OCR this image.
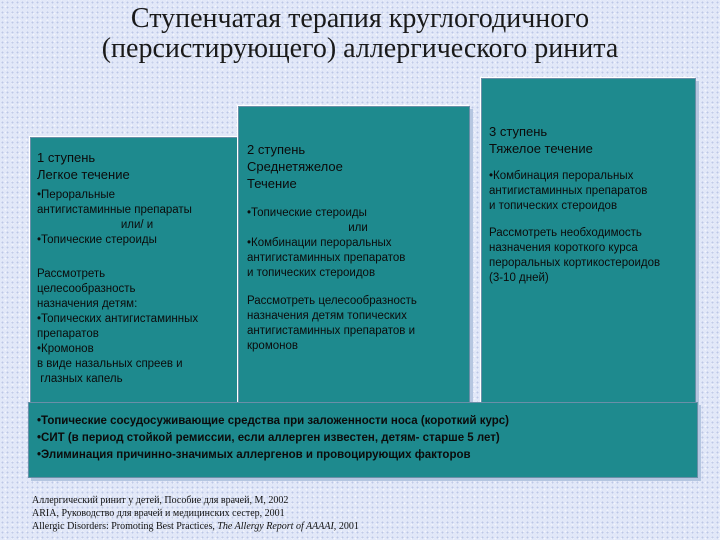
Ступенчатая терапия круглогодичного
(персистирующего) аллергического ринита
1 ступень
Легкое течение
•Пероральные
антигистаминные препараты
или/ и
•Топические стероиды
Рассмотреть
целесообразность
назначения детям:
•Топических антигистаминных
препаратов
•Кромонов
в виде назальных спреев и
глазных капель
2 ступень
Среднетяжелое
Течение
•Топические стероиды
или
•Комбинации пероральных
антигистаминных препаратов
и топических стероидов
Рассмотреть целесообразность
назначения детям топических
антигистаминных препаратов и
кромонов
3 ступень
Тяжелое течение
•Комбинация пероральных
антигистаминных препаратов
и топических стероидов
Рассмотреть необходимость
назначения короткого курса
пероральных кортикостероидов
(3-10 дней)
•Топические сосудосуживающие средства при заложенности носа (короткий курс)
•СИТ (в период стойкой ремиссии, если аллерген известен, детям- старше 5 лет)
•Элиминация причинно-значимых аллергенов и провоцирующих факторов
Аллергический ринит у детей, Пособие для врачей, М, 2002
ARIA, Руководство для врачей и медицинских сестер, 2001
Allergic Disorders: Promoting Best Practices, The Allergy Report of AAAAI, 2001
